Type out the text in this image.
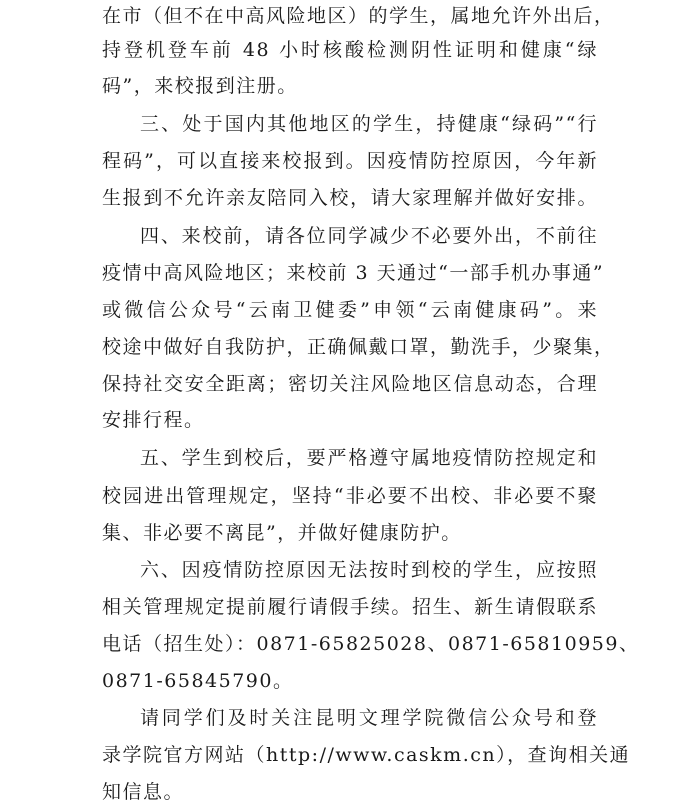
在市（但不在中高风险地区）的学生，属地允许外出后，
持登机登车前 48 小时核酸检测阴性证明和健康“绿
码”，来校报到注册。
三、处于国内其他地区的学生，持健康“绿码”“行
程码”，可以直接来校报到。因疫情防控原因，今年新
生报到不允许亲友陪同入校，请大家理解并做好安排。
四、来校前，请各位同学减少不必要外出，不前往
疫情中高风险地区；来校前 3 天通过“一部手机办事通”
或微信公众号“云南卫健委”申领“云南健康码”。来
校途中做好自我防护，正确佩戴口罩，勤洗手，少聚集，
保持社交安全距离；密切关注风险地区信息动态，合理
安排行程。
五、学生到校后，要严格遵守属地疫情防控规定和
校园进出管理规定，坚持“非必要不出校、非必要不聚
集、非必要不离昆”，并做好健康防护。
六、因疫情防控原因无法按时到校的学生，应按照
相关管理规定提前履行请假手续。招生、新生请假联系
电话（招生处）：0871-65825028、0871-65810959、
0871-65845790。
请同学们及时关注昆明文理学院微信公众号和登
录学院官方网站（http://www.caskm.cn），查询相关通
知信息。
